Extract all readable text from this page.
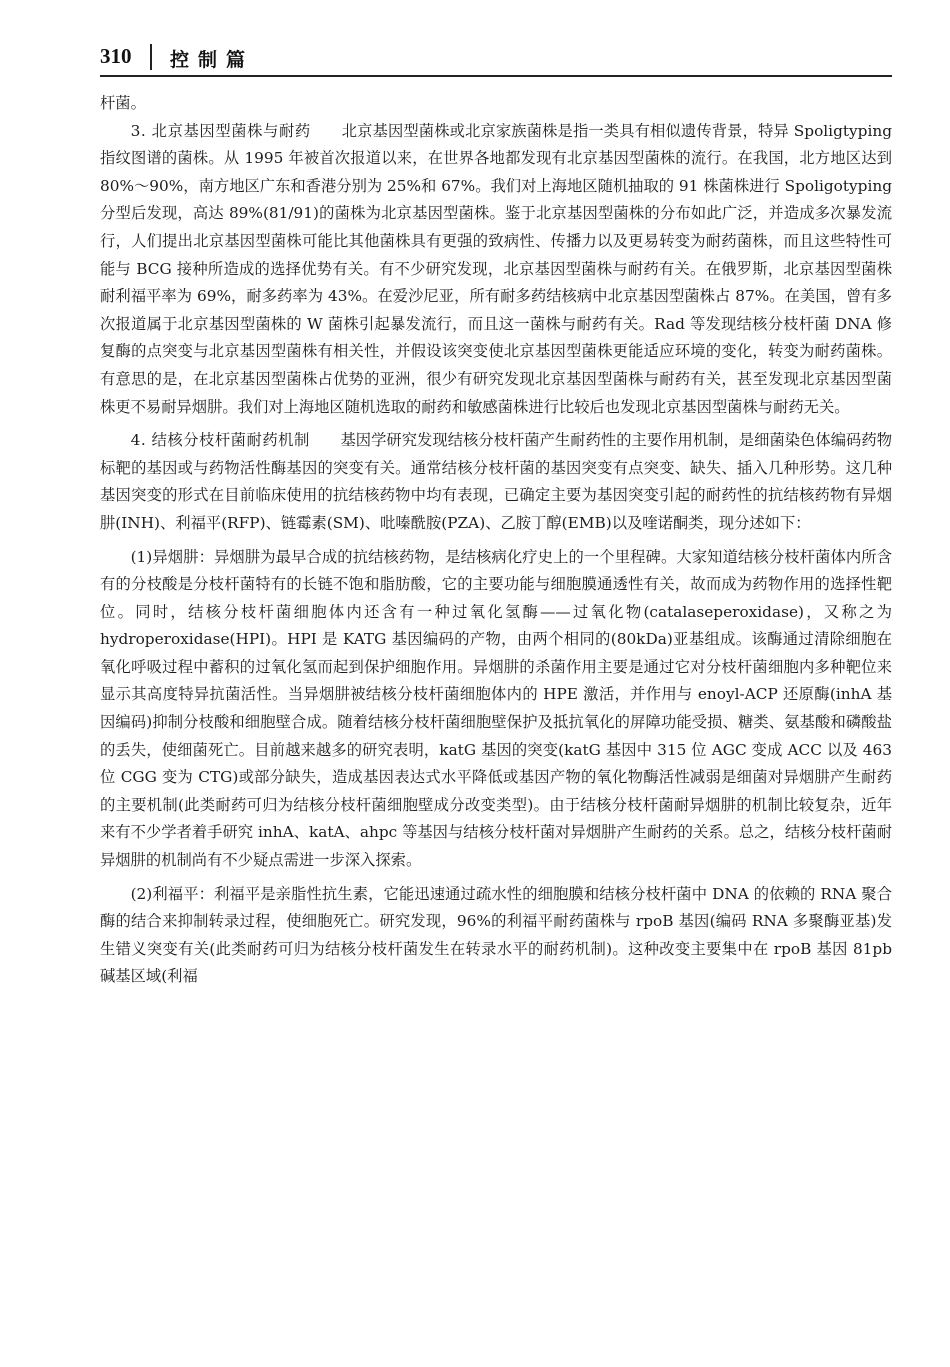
310 控制篇

杆菌。

3. 北京基因型菌株与耐药　　 北京基因型菌株或北京家族菌株是指一类具有相似遗传背景，特异 Spoligtyping 指纹图谱的菌株。从 1995 年被首次报道以来，在世界各地都发现有北京基因型菌株的流行。在我国，北方地区达到 80%～90%，南方地区广东和香港分别为 25%和 67%。我们对上海地区随机抽取的 91 株菌株进行 Spoligotyping 分型后发现，高达 89%(81/91)的菌株为北京基因型菌株。鉴于北京基因型菌株的分布如此广泛，并造成多次暴发流行，人们提出北京基因型菌株可能比其他菌株具有更强的致病性、传播力以及更易转变为耐药菌株，而且这些特性可能与 BCG 接种所造成的选择优势有关。有不少研究发现，北京基因型菌株与耐药有关。在俄罗斯，北京基因型菌株耐利福平率为 69%，耐多药率为 43%。在爱沙尼亚，所有耐多药结核病中北京基因型菌株占 87%。在美国，曾有多次报道属于北京基因型菌株的 W 菌株引起暴发流行，而且这一菌株与耐药有关。Rad 等发现结核分枝杆菌 DNA 修复酶的点突变与北京基因型菌株有相关性，并假设该突变使北京基因型菌株更能适应环境的变化，转变为耐药菌株。有意思的是，在北京基因型菌株占优势的亚洲，很少有研究发现北京基因型菌株与耐药有关，甚至发现北京基因型菌株更不易耐异烟肼。我们对上海地区随机选取的耐药和敏感菌株进行比较后也发现北京基因型菌株与耐药无关。

4. 结核分枝杆菌耐药机制　　 基因学研究发现结核分枝杆菌产生耐药性的主要作用机制，是细菌染色体编码药物标靶的基因或与药物活性酶基因的突变有关。通常结核分枝杆菌的基因突变有点突变、缺失、插入几种形势。这几种基因突变的形式在目前临床使用的抗结核药物中均有表现，已确定主要为基因突变引起的耐药性的抗结核药物有异烟肼(INH)、利福平(RFP)、链霉素(SM)、吡嗪酰胺(PZA)、乙胺丁醇(EMB)以及喹诺酮类，现分述如下：

(1)异烟肼：异烟肼为最早合成的抗结核药物，是结核病化疗史上的一个里程碑。大家知道结核分枝杆菌体内所含有的分枝酸是分枝杆菌特有的长链不饱和脂肪酸，它的主要功能与细胞膜通透性有关，故而成为药物作用的选择性靶位。同时，结核分枝杆菌细胞体内还含有一种过氧化氢酶——过氧化物(catalaseperoxidase)，又称之为 hydroperoxidase(HPI)。HPI 是 KATG 基因编码的产物，由两个相同的(80kDa)亚基组成。该酶通过清除细胞在氧化呼吸过程中蓄积的过氧化氢而起到保护细胞作用。异烟肼的杀菌作用主要是通过它对分枝杆菌细胞内多种靶位来显示其高度特异抗菌活性。当异烟肼被结核分枝杆菌细胞体内的 HPE 激活，并作用与 enoyl-ACP 还原酶(inhA 基因编码)抑制分枝酸和细胞壁合成。随着结核分枝杆菌细胞壁保护及抵抗氧化的屏障功能受损、糖类、氨基酸和磷酸盐的丢失，使细菌死亡。目前越来越多的研究表明，katG 基因的突变(katG 基因中 315 位 AGC 变成 ACC 以及 463 位 CGG 变为 CTG)或部分缺失，造成基因表达式水平降低或基因产物的氧化物酶活性减弱是细菌对异烟肼产生耐药的主要机制(此类耐药可归为结核分枝杆菌细胞壁成分改变类型)。由于结核分枝杆菌耐异烟肼的机制比较复杂，近年来有不少学者着手研究 inhA、katA、ahpc 等基因与结核分枝杆菌对异烟肼产生耐药的关系。总之，结核分枝杆菌耐异烟肼的机制尚有不少疑点需进一步深入探索。

(2)利福平：利福平是亲脂性抗生素，它能迅速通过疏水性的细胞膜和结核分枝杆菌中 DNA 的依赖的 RNA 聚合酶的结合来抑制转录过程，使细胞死亡。研究发现，96%的利福平耐药菌株与 rpoB 基因(编码 RNA 多聚酶亚基)发生错义突变有关(此类耐药可归为结核分枝杆菌发生在转录水平的耐药机制)。这种改变主要集中在 rpoB 基因 81pb 碱基区域(利福
